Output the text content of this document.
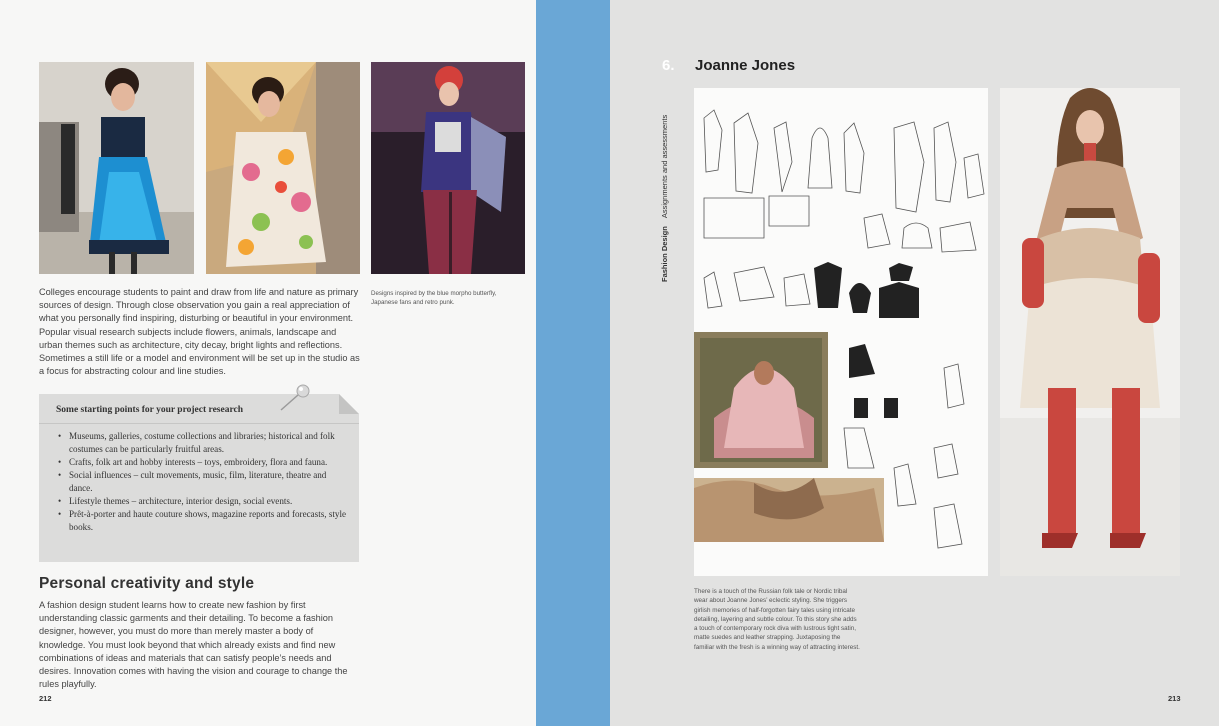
Colleges encourage students to paint and draw from life and nature as primary sources of design. Through close observation you gain a real appreciation of what you personally find inspiring, disturbing or beautiful in your environment. Popular visual research subjects include flowers, animals, landscape and urban themes such as architecture, city decay, bright lights and reflections. Sometimes a still life or a model and environment will be set up in the studio as a focus for abstracting colour and line studies.
Designs inspired by the blue morpho butterfly, Japanese fans and retro punk.
Some starting points for your project research
• Museums, galleries, costume collections and libraries; historical and folk costumes can be particularly fruitful areas.
• Crafts, folk art and hobby interests – toys, embroidery, flora and fauna.
• Social influences – cult movements, music, film, literature, theatre and dance.
• Lifestyle themes – architecture, interior design, social events.
• Prêt-à-porter and haute couture shows, magazine reports and forecasts, style books.
Personal creativity and style
A fashion design student learns how to create new fashion by first understanding classic garments and their detailing. To become a fashion designer, however, you must do more than merely master a body of knowledge. You must look beyond that which already exists and find new combinations of ideas and materials that can satisfy people’s needs and desires. Innovation comes with having the vision and courage to change the rules playfully.
212
6. Joanne Jones
Fashion DesignAssignments and assessments
There is a touch of the Russian folk tale or Nordic tribal wear about Joanne Jones’ eclectic styling. She triggers girlish memories of half-forgotten fairy tales using intricate detailing, layering and subtle colour. To this story she adds a touch of contemporary rock diva with lustrous tight satin, matte suedes and leather strapping. Juxtaposing the familiar with the fresh is a winning way of attracting interest.
213
